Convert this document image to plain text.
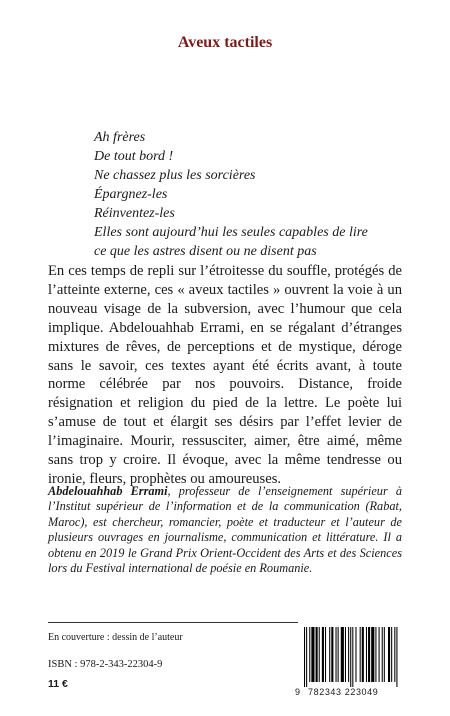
Aveux tactiles
Ah frères
De tout bord !
Ne chassez plus les sorcières
Épargnez-les
Réinventez-les
Elles sont aujourd’hui les seules capables de lire
ce que les astres disent ou ne disent pas
En ces temps de repli sur l’étroitesse du souffle, protégés de l’atteinte externe, ces « aveux tactiles » ouvrent la voie à un nouveau visage de la subversion, avec l’humour que cela implique. Abdelouahhab Errami, en se régalant d’étranges mixtures de rêves, de perceptions et de mystique, déroge sans le savoir, ces textes ayant été écrits avant, à toute norme célébrée par nos pouvoirs. Distance, froide résignation et religion du pied de la lettre. Le poète lui s’amuse de tout et élargit ses désirs par l’effet levier de l’imaginaire. Mourir, ressusciter, aimer, être aimé, même sans trop y croire. Il évoque, avec la même tendresse ou ironie, fleurs, prophètes ou amoureuses.
Abdelouahhab Errami, professeur de l’enseignement supérieur à l’Institut supérieur de l’information et de la communication (Rabat, Maroc), est chercheur, romancier, poète et traducteur et l’auteur de plusieurs ouvrages en journalisme, communication et littérature. Il a obtenu en 2019 le Grand Prix Orient-Occident des Arts et des Sciences lors du Festival international de poésie en Roumanie.
En couverture : dessin de l’auteur
ISBN : 978-2-343-22304-9
11 €
9 782343 223049
